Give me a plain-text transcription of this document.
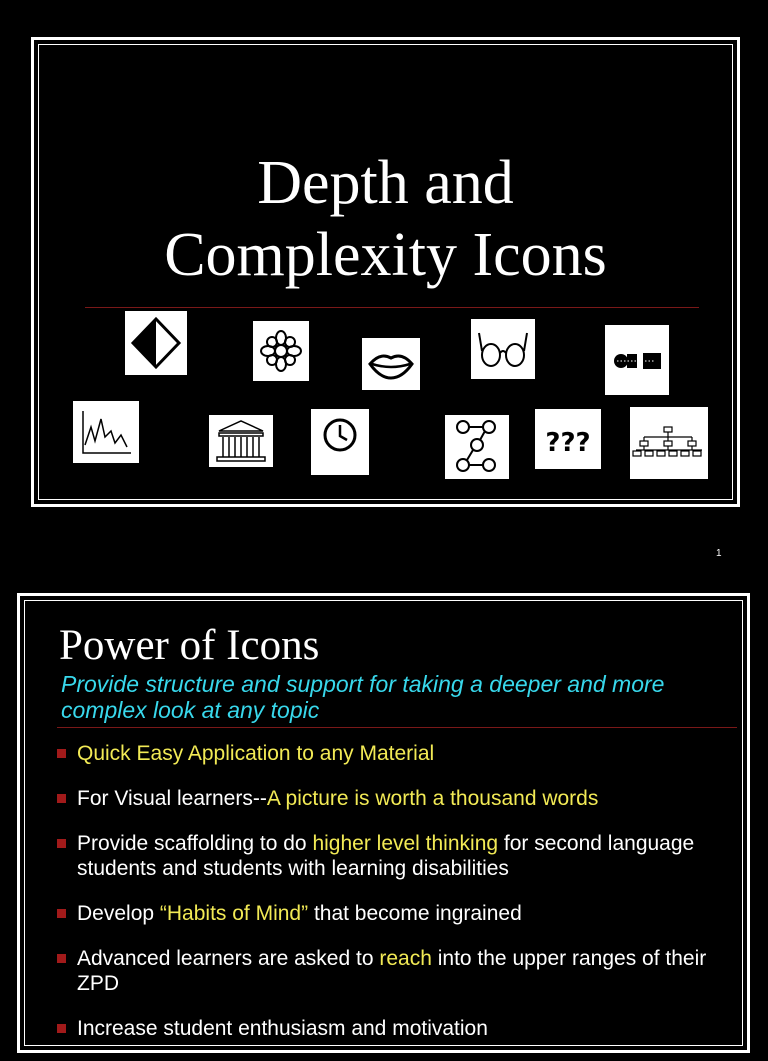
Depth and
Complexity Icons
???
1
Power of Icons
Provide structure and support for taking a deeper and more complex look at any topic
Quick Easy Application to any Material
For Visual learners--A picture is worth a thousand words
Provide scaffolding to do higher level thinking for second language students and students with learning disabilities
Develop “Habits of Mind” that become ingrained
Advanced learners are asked to reach into the upper ranges of their ZPD
Increase student enthusiasm and motivation
